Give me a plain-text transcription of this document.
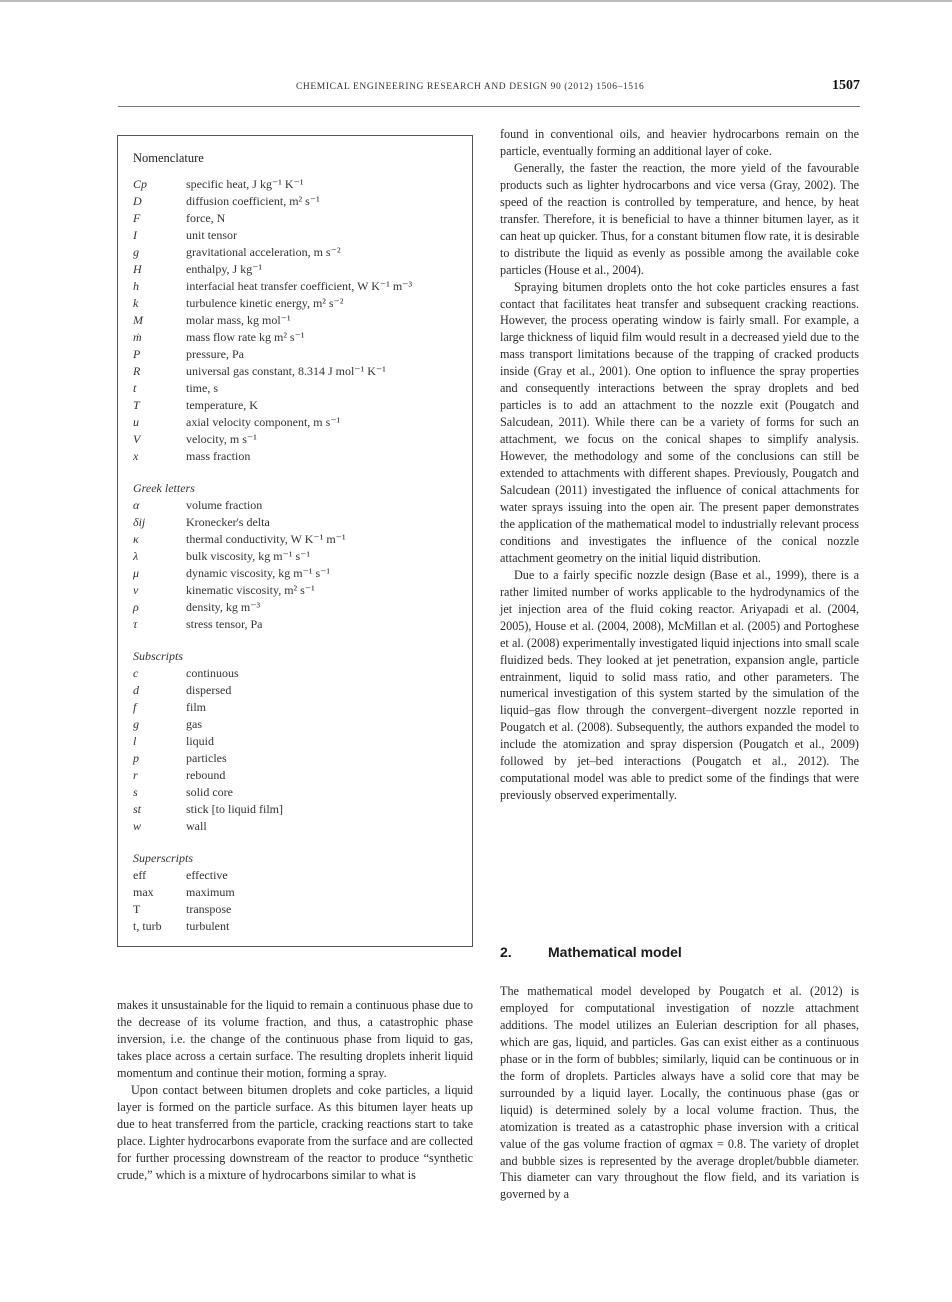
CHEMICAL ENGINEERING RESEARCH AND DESIGN 90 (2012) 1506–1516	1507
Nomenclature
Cp	specific heat, J kg⁻¹ K⁻¹
D	diffusion coefficient, m² s⁻¹
F	force, N
I	unit tensor
g	gravitational acceleration, m s⁻²
H	enthalpy, J kg⁻¹
h	interfacial heat transfer coefficient, W K⁻¹ m⁻³
k	turbulence kinetic energy, m² s⁻²
M	molar mass, kg mol⁻¹
ṁ	mass flow rate kg m² s⁻¹
P	pressure, Pa
R	universal gas constant, 8.314 J mol⁻¹ K⁻¹
t	time, s
T	temperature, K
u	axial velocity component, m s⁻¹
V	velocity, m s⁻¹
x	mass fraction
Greek letters
α	volume fraction
δij	Kronecker's delta
κ	thermal conductivity, W K⁻¹ m⁻¹
λ	bulk viscosity, kg m⁻¹ s⁻¹
μ	dynamic viscosity, kg m⁻¹ s⁻¹
ν	kinematic viscosity, m² s⁻¹
ρ	density, kg m⁻³
τ	stress tensor, Pa
Subscripts
c	continuous
d	dispersed
f	film
g	gas
l	liquid
p	particles
r	rebound
s	solid core
st	stick [to liquid film]
w	wall
Superscripts
eff	effective
max	maximum
T	transpose
t, turb	turbulent

makes it unsustainable for the liquid to remain a continuous phase due to the decrease of its volume fraction, and thus, a catastrophic phase inversion, i.e. the change of the continuous phase from liquid to gas, takes place across a certain surface. The resulting droplets inherit liquid momentum and continue their motion, forming a spray.

Upon contact between bitumen droplets and coke particles, a liquid layer is formed on the particle surface. As this bitumen layer heats up due to heat transferred from the particle, cracking reactions start to take place. Lighter hydrocarbons evaporate from the surface and are collected for further processing downstream of the reactor to produce “synthetic crude,” which is a mixture of hydrocarbons similar to what is

found in conventional oils, and heavier hydrocarbons remain on the particle, eventually forming an additional layer of coke.

Generally, the faster the reaction, the more yield of the favourable products such as lighter hydrocarbons and vice versa (Gray, 2002). The speed of the reaction is controlled by temperature, and hence, by heat transfer. Therefore, it is beneficial to have a thinner bitumen layer, as it can heat up quicker. Thus, for a constant bitumen flow rate, it is desirable to distribute the liquid as evenly as possible among the available coke particles (House et al., 2004).

Spraying bitumen droplets onto the hot coke particles ensures a fast contact that facilitates heat transfer and subsequent cracking reactions. However, the process operating window is fairly small. For example, a large thickness of liquid film would result in a decreased yield due to the mass transport limitations because of the trapping of cracked products inside (Gray et al., 2001). One option to influence the spray properties and consequently interactions between the spray droplets and bed particles is to add an attachment to the nozzle exit (Pougatch and Salcudean, 2011). While there can be a variety of forms for such an attachment, we focus on the conical shapes to simplify analysis. However, the methodology and some of the conclusions can still be extended to attachments with different shapes. Previously, Pougatch and Salcudean (2011) investigated the influence of conical attachments for water sprays issuing into the open air. The present paper demonstrates the application of the mathematical model to industrially relevant process conditions and investigates the influence of the conical nozzle attachment geometry on the initial liquid distribution.

Due to a fairly specific nozzle design (Base et al., 1999), there is a rather limited number of works applicable to the hydrodynamics of the jet injection area of the fluid coking reactor. Ariyapadi et al. (2004, 2005), House et al. (2004, 2008), McMillan et al. (2005) and Portoghese et al. (2008) experimentally investigated liquid injections into small scale fluidized beds. They looked at jet penetration, expansion angle, particle entrainment, liquid to solid mass ratio, and other parameters. The numerical investigation of this system started by the simulation of the liquid–gas flow through the convergent–divergent nozzle reported in Pougatch et al. (2008). Subsequently, the authors expanded the model to include the atomization and spray dispersion (Pougatch et al., 2009) followed by jet–bed interactions (Pougatch et al., 2012). The computational model was able to predict some of the findings that were previously observed experimentally.

2.	Mathematical model

The mathematical model developed by Pougatch et al. (2012) is employed for computational investigation of nozzle attachment additions. The model utilizes an Eulerian description for all phases, which are gas, liquid, and particles. Gas can exist either as a continuous phase or in the form of bubbles; similarly, liquid can be continuous or in the form of droplets. Particles always have a solid core that may be surrounded by a liquid layer. Locally, the continuous phase (gas or liquid) is determined solely by a local volume fraction. Thus, the atomization is treated as a catastrophic phase inversion with a critical value of the gas volume fraction of αgmax = 0.8. The variety of droplet and bubble sizes is represented by the average droplet/bubble diameter. This diameter can vary throughout the flow field, and its variation is governed by a
